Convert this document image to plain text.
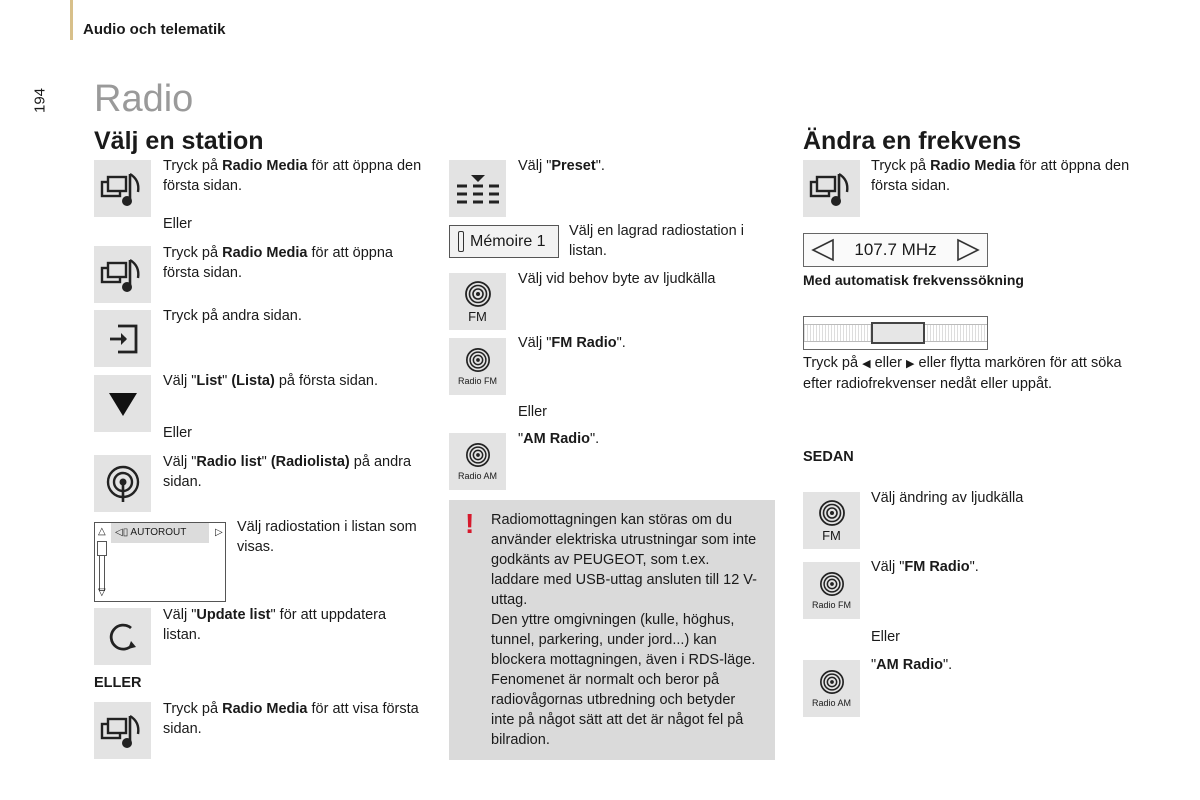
Audio och telematik
194 Radio
Välj en station
Tryck på Radio Media för att öppna den första sidan.
Eller
Tryck på Radio Media för att öppna första sidan.
Tryck på andra sidan.
Välj "List" (Lista) på första sidan.
Eller
Välj "Radio list" (Radiolista) på andra sidan.
△
▽
◁▯ AUTOROUT	▷ Välj radiostation i listan som visas.
Välj "Update list" för att uppdatera listan.
ELLER
Tryck på Radio Media för att visa första sidan.
Välj "Preset".
Mémoire 1
Välj en lagrad radiostation i listan.
FM
Välj vid behov byte av ljudkälla
Radio FM
Välj "FM Radio".
Eller
Radio AM
"AM Radio".
! Radiomottagningen kan störas om du använder elektriska utrustningar som inte godkänts av PEUGEOT, som t.ex. laddare med USB-uttag ansluten till 12 V-uttag.

Den yttre omgivningen (kulle, höghus, tunnel, parkering, under jord...) kan blockera mottagningen, även i RDS-läge. Fenomenet är normalt och beror på radiovågornas utbredning och betyder inte på något sätt att det är något fel på bilradion.

Ändra en frekvens
Tryck på Radio Media för att öppna den första sidan.
107.7 MHz
Med automatisk frekvenssökning
Tryck på ◀ eller ▶ eller flytta markören för att söka efter radiofrekvenser nedåt eller uppåt.
SEDAN
FM
Välj ändring av ljudkälla
Radio FM
Välj "FM Radio".
Eller
Radio AM
"AM Radio".
